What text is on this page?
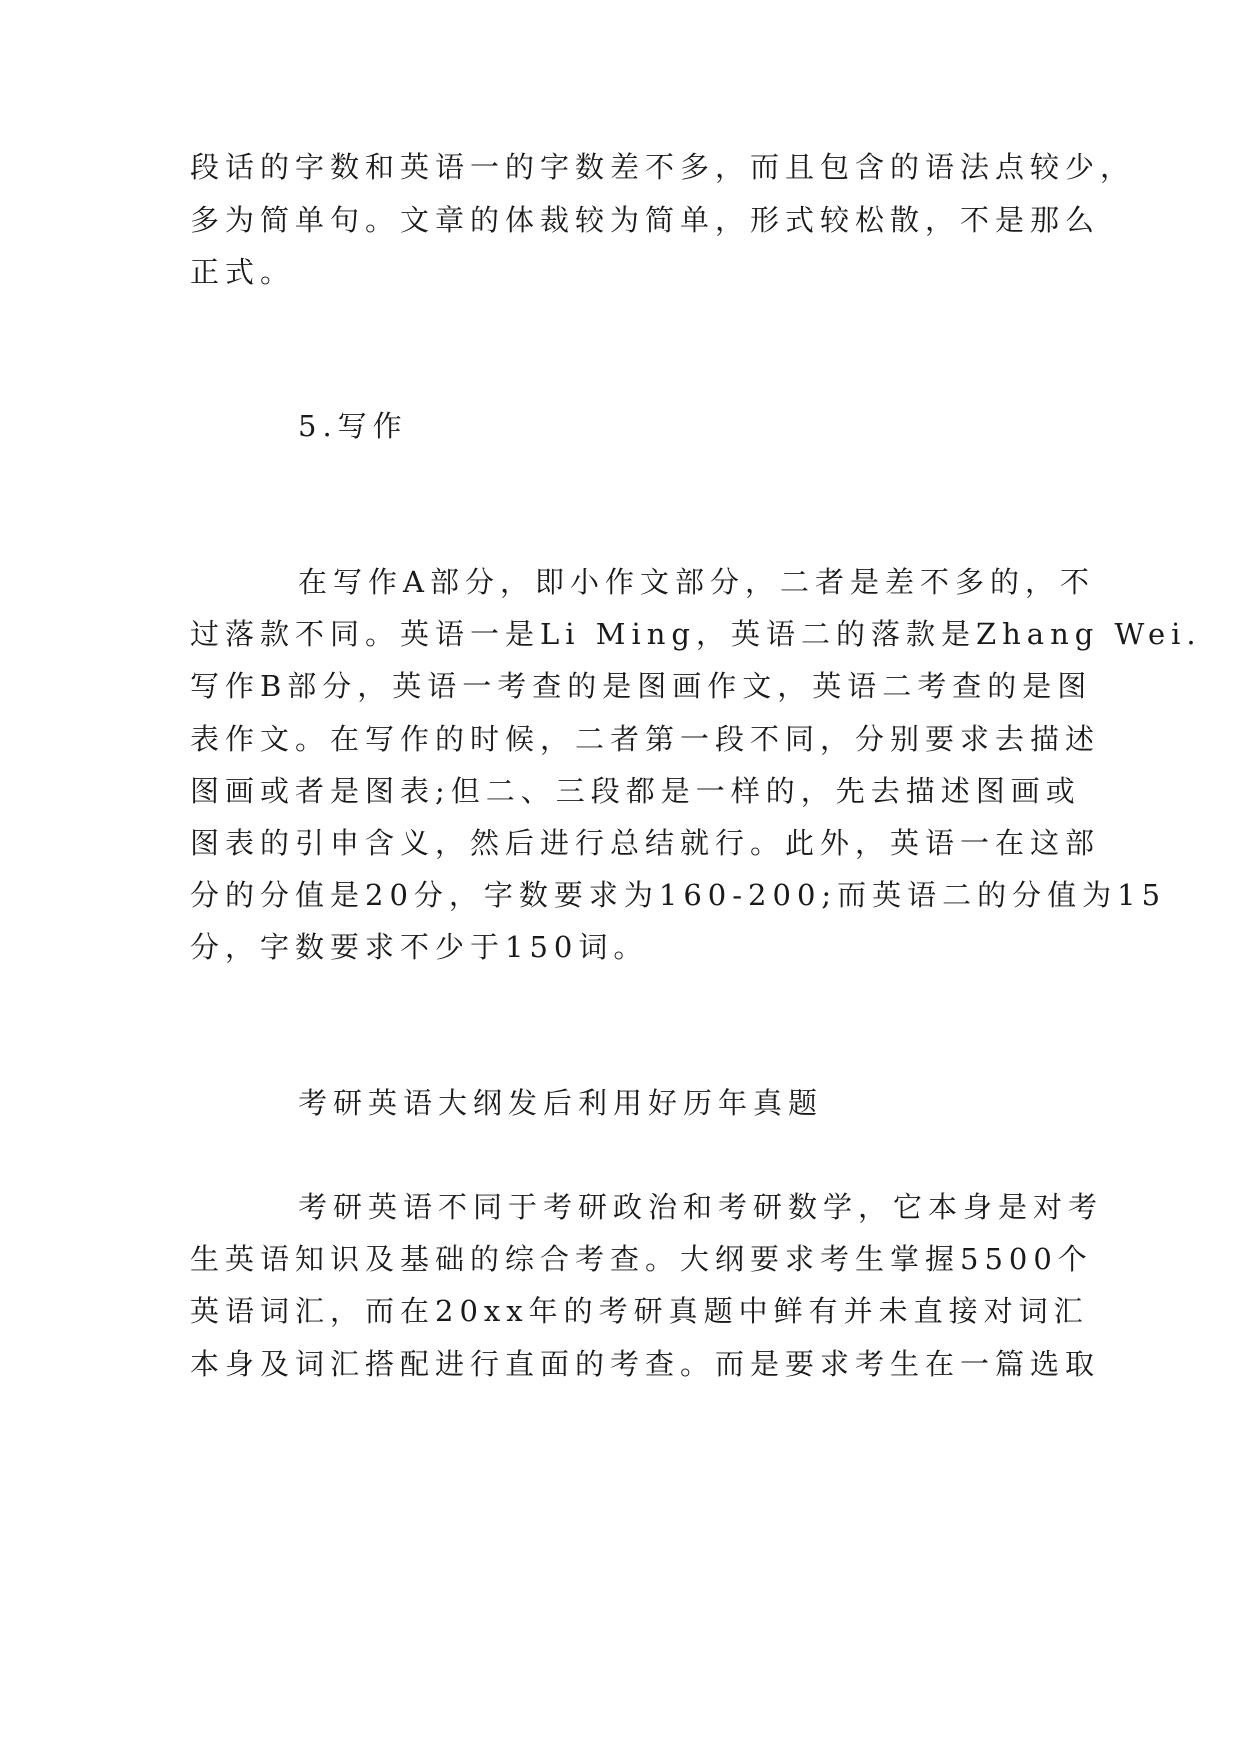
段话的字数和英语一的字数差不多，而且包含的语法点较少，
多为简单句。文章的体裁较为简单，形式较松散，不是那么
正式。
5.写作
在写作A部分，即小作文部分，二者是差不多的，不
过落款不同。英语一是Li Ming，英语二的落款是Zhang Wei.
写作B部分，英语一考查的是图画作文，英语二考查的是图
表作文。在写作的时候，二者第一段不同，分别要求去描述
图画或者是图表;但二、三段都是一样的，先去描述图画或
图表的引申含义，然后进行总结就行。此外，英语一在这部
分的分值是20分，字数要求为160-200;而英语二的分值为15
分，字数要求不少于150词。
考研英语大纲发后利用好历年真题
考研英语不同于考研政治和考研数学，它本身是对考
生英语知识及基础的综合考查。大纲要求考生掌握5500个
英语词汇，而在20xx年的考研真题中鲜有并未直接对词汇
本身及词汇搭配进行直面的考查。而是要求考生在一篇选取
